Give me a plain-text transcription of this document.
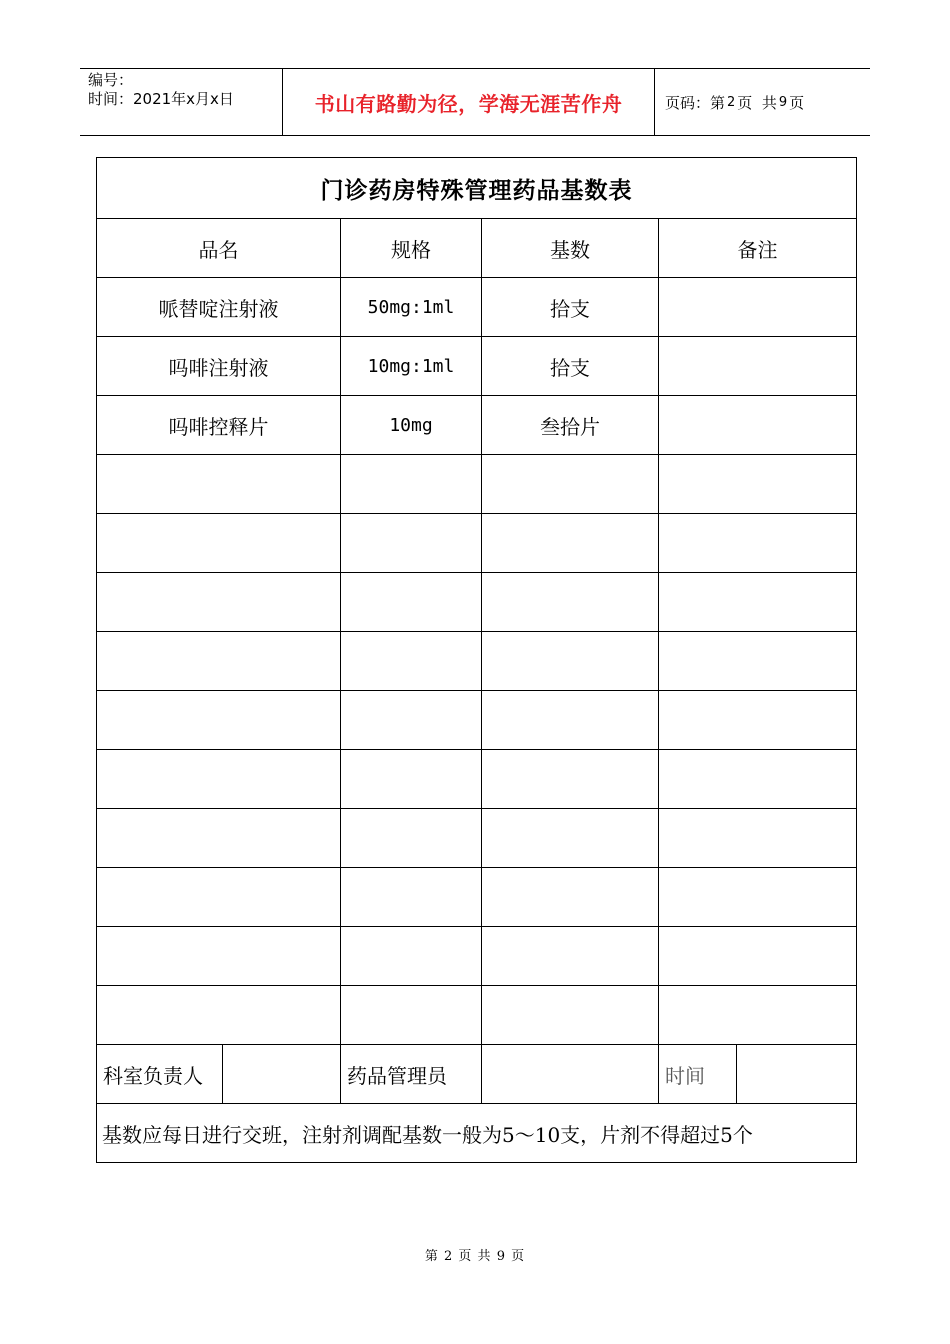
编号：
时间：2021年x月x日	书山有路勤为径，学海无涯苦作舟	页码：第 2 页  共 9 页
门诊药房特殊管理药品基数表					
品名		规格	基数	备注	
哌替啶注射液		50mg:1ml	拾支		
吗啡注射液		10mg:1ml	拾支		
吗啡控释片		10mg	叁拾片		

科室负责人		药品管理员		时间	
基数应每日进行交班，注射剂调配基数一般为5～10支，片剂不得超过5个					
第 2 页 共 9 页
